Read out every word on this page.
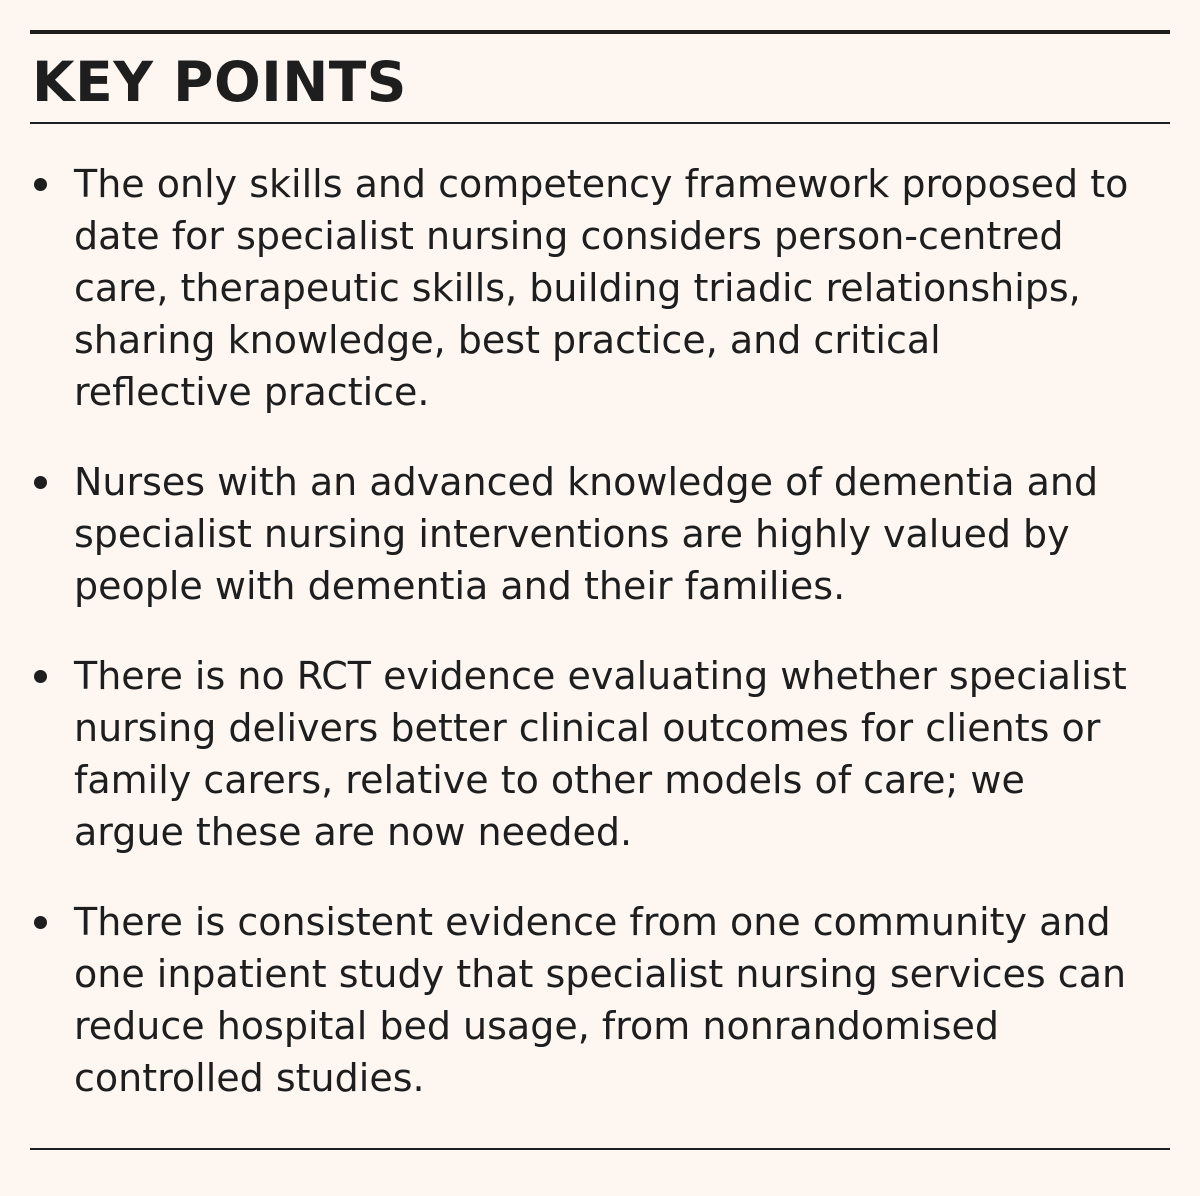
KEY POINTS
The only skills and competency framework proposed to
date for specialist nursing considers person-centred
care, therapeutic skills, building triadic relationships,
sharing knowledge, best practice, and critical
reflective practice.
Nurses with an advanced knowledge of dementia and
specialist nursing interventions are highly valued by
people with dementia and their families.
There is no RCT evidence evaluating whether specialist
nursing delivers better clinical outcomes for clients or
family carers, relative to other models of care; we
argue these are now needed.
There is consistent evidence from one community and
one inpatient study that specialist nursing services can
reduce hospital bed usage, from nonrandomised
controlled studies.
